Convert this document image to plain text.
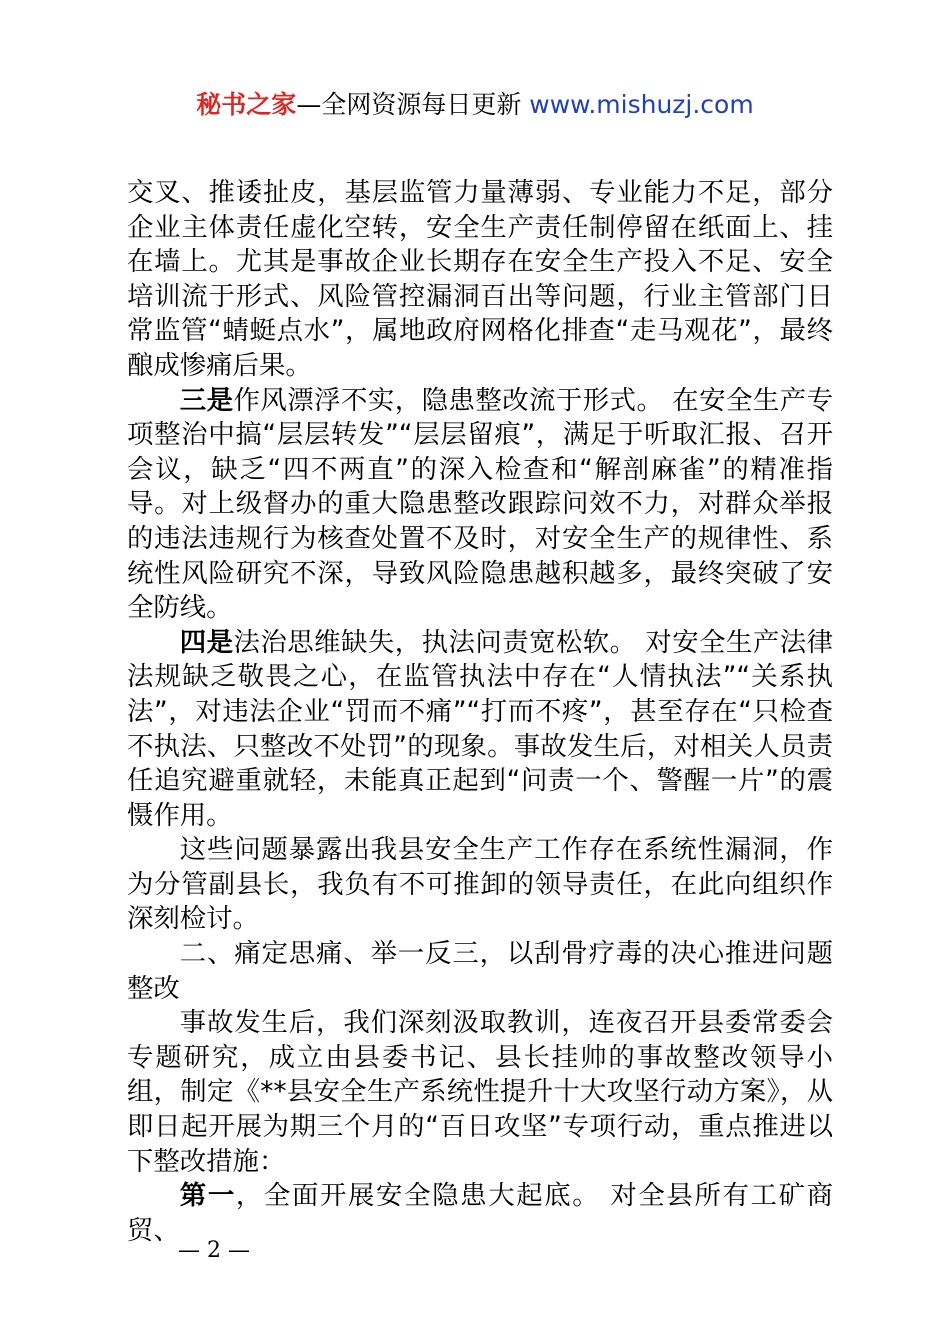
秘书之家—全网资源每日更新 www.mishuzj.com

交叉、推诿扯皮，基层监管力量薄弱、专业能力不足，部分企业主体责任虚化空转，安全生产责任制停留在纸面上、挂在墙上。尤其是事故企业长期存在安全生产投入不足、安全培训流于形式、风险管控漏洞百出等问题，行业主管部门日常监管“蜻蜓点水”，属地政府网格化排查“走马观花”，最终酿成惨痛后果。

三是作风漂浮不实，隐患整改流于形式。 在安全生产专项整治中搞“层层转发”“层层留痕”，满足于听取汇报、召开会议，缺乏“四不两直”的深入检查和“解剖麻雀”的精准指导。对上级督办的重大隐患整改跟踪问效不力，对群众举报的违法违规行为核查处置不及时，对安全生产的规律性、系统性风险研究不深，导致风险隐患越积越多，最终突破了安全防线。

四是法治思维缺失，执法问责宽松软。 对安全生产法律法规缺乏敬畏之心，在监管执法中存在“人情执法”“关系执法”，对违法企业“罚而不痛”“打而不疼”，甚至存在“只检查不执法、只整改不处罚”的现象。事故发生后，对相关人员责任追究避重就轻，未能真正起到“问责一个、警醒一片”的震慑作用。

这些问题暴露出我县安全生产工作存在系统性漏洞，作为分管副县长，我负有不可推卸的领导责任，在此向组织作深刻检讨。

二、痛定思痛、举一反三，以刮骨疗毒的决心推进问题整改

事故发生后，我们深刻汲取教训，连夜召开县委常委会专题研究，成立由县委书记、县长挂帅的事故整改领导小组，制定《**县安全生产系统性提升十大攻坚行动方案》，从即日起开展为期三个月的“百日攻坚”专项行动，重点推进以下整改措施：

第一，全面开展安全隐患大起底。 对全县所有工矿商贸、

— 2 —
